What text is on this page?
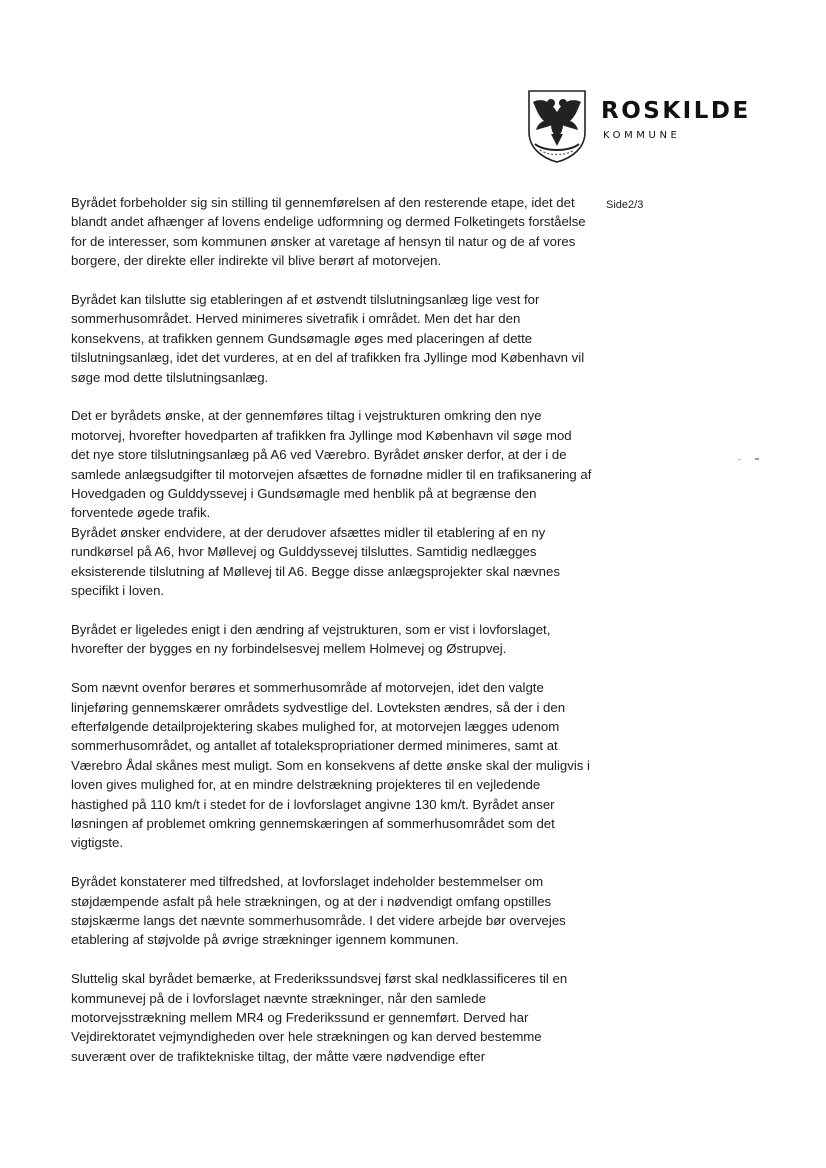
ROSKILDE
KOMMUNE
Side2/3

Byrådet forbeholder sig sin stilling til gennemførelsen af den resterende etape, idet det blandt andet afhænger af lovens endelige udformning og dermed Folketingets forståelse for de interesser, som kommunen ønsker at varetage af hensyn til natur og de af vores borgere, der direkte eller indirekte vil blive berørt af motorvejen.

Byrådet kan tilslutte sig etableringen af et østvendt tilslutningsanlæg lige vest for sommerhusområdet. Herved minimeres sivetrafik i området. Men det har den konsekvens, at trafikken gennem Gundsømagle øges med placeringen af dette tilslutningsanlæg, idet det vurderes, at en del af trafikken fra Jyllinge mod København vil søge mod dette tilslutningsanlæg.

Det er byrådets ønske, at der gennemføres tiltag i vejstrukturen omkring den nye motorvej, hvorefter hovedparten af trafikken fra Jyllinge mod København vil søge mod det nye store tilslutningsanlæg på A6 ved Værebro. Byrådet ønsker derfor, at der i de samlede anlægsudgifter til motorvejen afsættes de fornødne midler til en trafiksanering af Hovedgaden og Gulddyssevej i Gundsømagle med henblik på at begrænse den forventede øgede trafik.

Byrådet ønsker endvidere, at der derudover afsættes midler til etablering af en ny rundkørsel på A6, hvor Møllevej og Gulddyssevej tilsluttes. Samtidig nedlægges eksisterende tilslutning af Møllevej til A6. Begge disse anlægsprojekter skal nævnes specifikt i loven.

Byrådet er ligeledes enigt i den ændring af vejstrukturen, som er vist i lovforslaget, hvorefter der bygges en ny forbindelsesvej mellem Holmevej og Østrupvej.

Som nævnt ovenfor berøres et sommerhusområde af motorvejen, idet den valgte linjeføring gennemskærer områdets sydvestlige del. Lovteksten ændres, så der i den efterfølgende detailprojektering skabes mulighed for, at motorvejen lægges udenom sommerhusområdet, og antallet af totalekspropriationer dermed minimeres, samt at Værebro Ådal skånes mest muligt. Som en konsekvens af dette ønske skal der muligvis i loven gives mulighed for, at en mindre delstrækning projekteres til en vejledende hastighed på 110 km/t i stedet for de i lovforslaget angivne 130 km/t. Byrådet anser løsningen af problemet omkring gennemskæringen af sommerhusområdet som det vigtigste.

Byrådet konstaterer med tilfredshed, at lovforslaget indeholder bestemmelser om støjdæmpende asfalt på hele strækningen, og at der i nødvendigt omfang opstilles støjskærme langs det nævnte sommerhusområde. I det videre arbejde bør overvejes etablering af støjvolde på øvrige strækninger igennem kommunen.

Sluttelig skal byrådet bemærke, at Frederikssundsvej først skal nedklassificeres til en kommunevej på de i lovforslaget nævnte strækninger, når den samlede motorvejsstrækning mellem MR4 og Frederikssund er gennemført. Derved har Vejdirektoratet vejmyndigheden over hele strækningen og kan derved bestemme suverænt over de trafiktekniske tiltag, der måtte være nødvendige efter
